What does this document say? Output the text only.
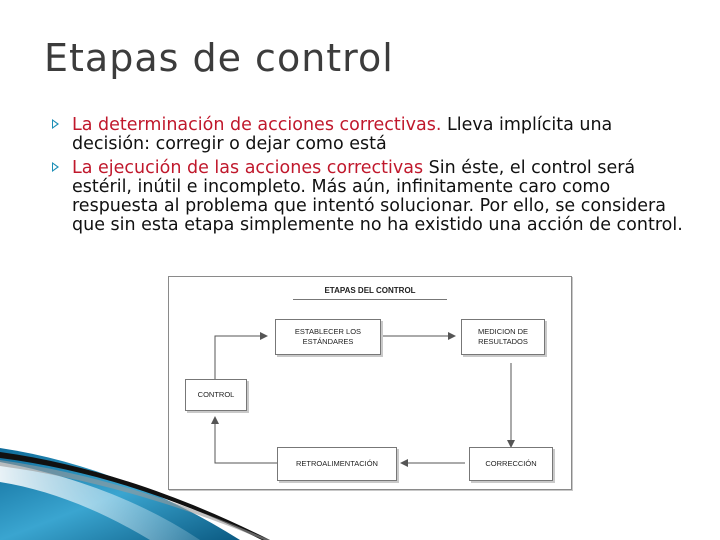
Etapas de control
La determinación de acciones correctivas. Lleva implícita una decisión: corregir o dejar como está
La ejecución de las acciones correctivas Sin éste, el control será estéril, inútil e incompleto. Más aún, infinitamente caro como respuesta al problema que intentó solucionar. Por ello, se considera que sin esta etapa simplemente no ha existido una acción de control.
ETAPAS DEL CONTROL
ESTABLECER LOS
ESTÁNDARES
MEDICION DE
RESULTADOS
CONTROL
RETROALIMENTACIÓN	CORRECCIÓN
